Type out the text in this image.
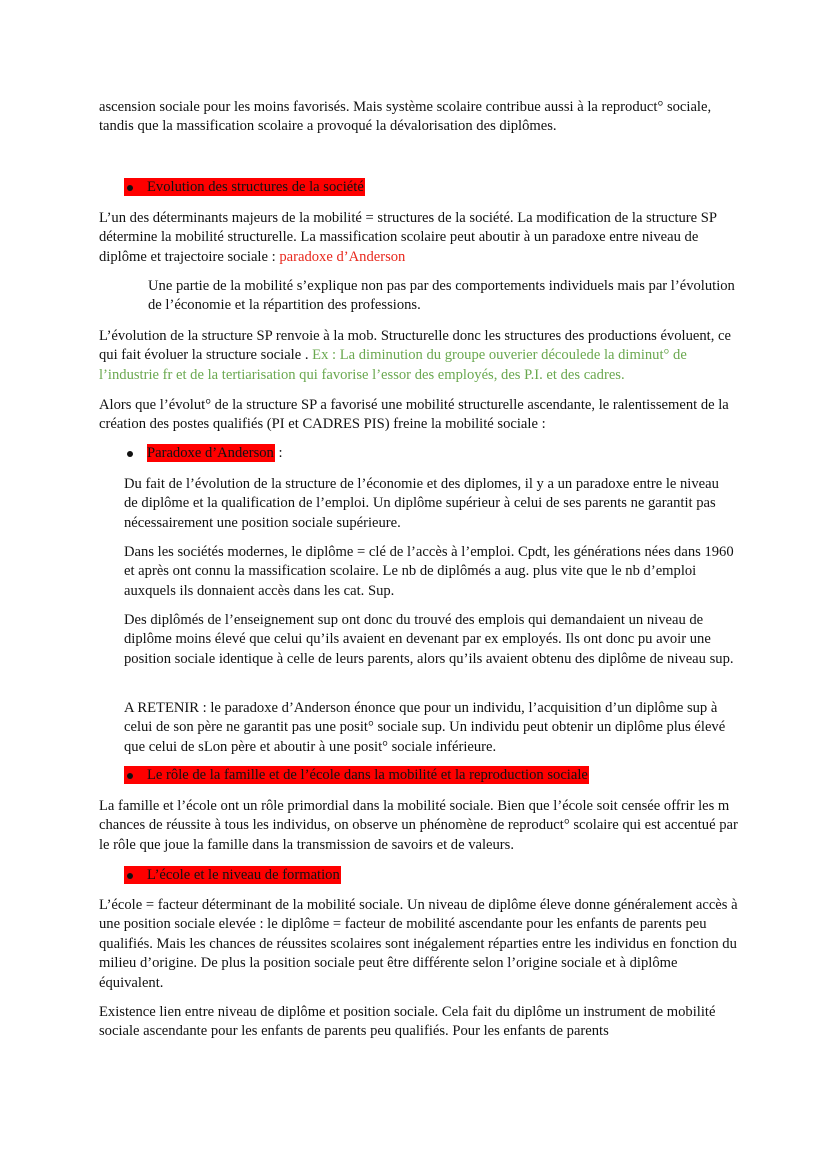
ascension sociale pour les moins favorisés. Mais système scolaire contribue aussi à la reproduct° sociale, tandis que la massification scolaire a provoqué la dévalorisation des diplômes.

Evolution des structures de la société

L’un des déterminants majeurs de la mobilité = structures de la société. La modification de la structure SP détermine la mobilité structurelle. La massification scolaire peut aboutir à un paradoxe entre niveau de diplôme et trajectoire sociale : paradoxe d’Anderson

Une partie de la mobilité s’explique non pas par des comportements individuels mais par l’évolution de l’économie et la répartition des professions.

L’évolution de la structure SP renvoie à la mob. Structurelle donc les structures des productions évoluent, ce qui fait évoluer la structure sociale . Ex : La diminution du groupe ouverier découlede la diminut° de l’industrie fr et de la tertiarisation qui favorise l’essor des employés, des P.I. et des cadres.

Alors que l’évolut° de la structure SP a favorisé une mobilité structurelle ascendante, le ralentissement de la création des postes qualifiés (PI et CADRES PIS) freine la mobilité sociale :

Paradoxe d’Anderson :

Du fait de l’évolution de la structure de l’économie et des diplomes, il y a un paradoxe entre le niveau de diplôme et la qualification de l’emploi. Un diplôme supérieur à celui de ses parents ne garantit pas nécessairement une position sociale supérieure.

Dans les sociétés modernes, le diplôme = clé de l’accès à l’emploi. Cpdt, les générations nées dans 1960 et après ont connu la massification scolaire. Le nb de diplômés a aug. plus vite que le nb d’emploi auxquels ils donnaient accès dans les cat. Sup.

Des diplômés de l’enseignement sup ont donc du trouvé des emplois qui demandaient un niveau de diplôme moins élevé que celui qu’ils avaient en devenant par ex employés. Ils ont donc pu avoir une position sociale identique à celle de leurs parents, alors qu’ils avaient obtenu des diplôme de niveau sup.

A RETENIR : le paradoxe d’Anderson énonce que pour un individu, l’acquisition d’un diplôme sup à celui de son père ne garantit pas une posit° sociale sup. Un individu peut obtenir un diplôme plus élevé que celui de sLon père et aboutir à une posit° sociale inférieure.

Le rôle de la famille et de l’école dans la mobilité et la reproduction sociale

La famille et l’école ont un rôle primordial dans la mobilité sociale. Bien que l’école soit censée offrir les m chances de réussite à tous les individus, on observe un phénomène de reproduct° scolaire qui est accentué par le rôle que joue la famille dans la transmission de savoirs et de valeurs.

L’école et le niveau de formation

L’école = facteur déterminant de la mobilité sociale. Un niveau de diplôme éleve donne généralement accès à une position sociale elevée : le diplôme = facteur de mobilité ascendante pour les enfants de parents peu qualifiés. Mais les chances de réussites scolaires sont inégalement réparties entre les individus en fonction du milieu d’origine. De plus la position sociale peut être différente selon l’origine sociale et à diplôme équivalent.

Existence lien entre niveau de diplôme et position sociale. Cela fait du diplôme un instrument de mobilité sociale ascendante pour les enfants de parents peu qualifiés. Pour les enfants de parents
